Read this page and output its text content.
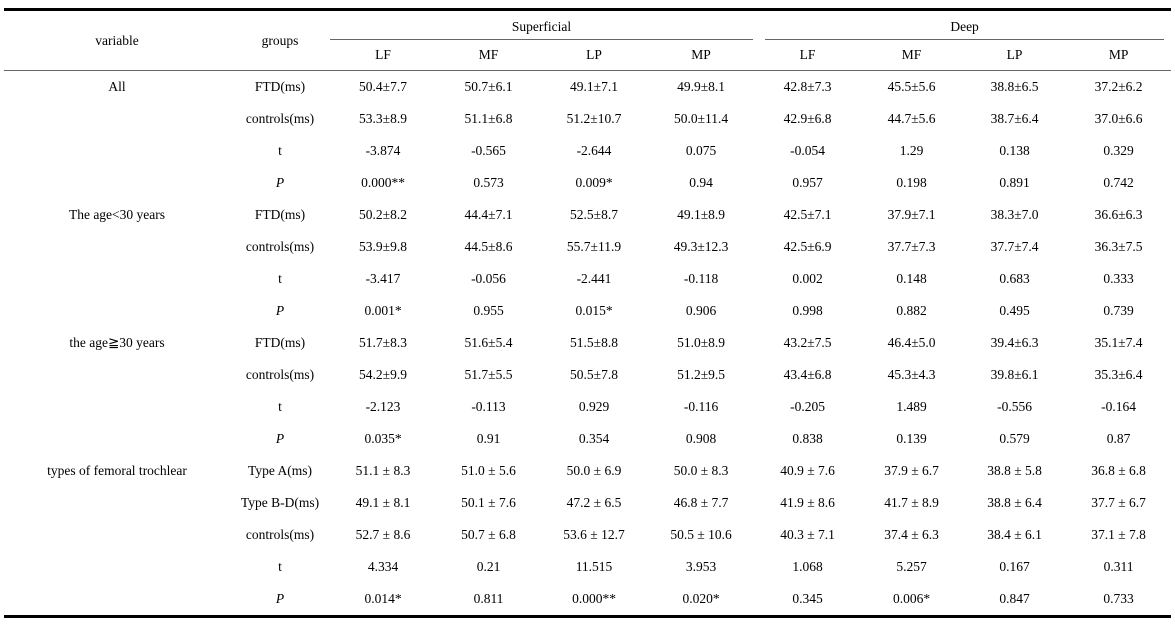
variable	groups	Superficial				Deep			

		LF	MF	LP	MP	LF	MF	LP	MP
All	FTD(ms)	50.4±7.7	50.7±6.1	49.1±7.1	49.9±8.1	42.8±7.3	45.5±5.6	38.8±6.5	37.2±6.2
	controls(ms)	53.3±8.9	51.1±6.8	51.2±10.7	50.0±11.4	42.9±6.8	44.7±5.6	38.7±6.4	37.0±6.6
	t	-3.874	-0.565	-2.644	0.075	-0.054	1.29	0.138	0.329
	P	0.000**	0.573	0.009*	0.94	0.957	0.198	0.891	0.742
The age<30 years	FTD(ms)	50.2±8.2	44.4±7.1	52.5±8.7	49.1±8.9	42.5±7.1	37.9±7.1	38.3±7.0	36.6±6.3
	controls(ms)	53.9±9.8	44.5±8.6	55.7±11.9	49.3±12.3	42.5±6.9	37.7±7.3	37.7±7.4	36.3±7.5
	t	-3.417	-0.056	-2.441	-0.118	0.002	0.148	0.683	0.333
	P	0.001*	0.955	0.015*	0.906	0.998	0.882	0.495	0.739
the age≧30 years	FTD(ms)	51.7±8.3	51.6±5.4	51.5±8.8	51.0±8.9	43.2±7.5	46.4±5.0	39.4±6.3	35.1±7.4
	controls(ms)	54.2±9.9	51.7±5.5	50.5±7.8	51.2±9.5	43.4±6.8	45.3±4.3	39.8±6.1	35.3±6.4
	t	-2.123	-0.113	0.929	-0.116	-0.205	1.489	-0.556	-0.164
	P	0.035*	0.91	0.354	0.908	0.838	0.139	0.579	0.87
types of femoral trochlear	Type A(ms)	51.1 ± 8.3	51.0 ± 5.6	50.0 ± 6.9	50.0 ± 8.3	40.9 ± 7.6	37.9 ± 6.7	38.8 ± 5.8	36.8 ± 6.8
	Type B-D(ms)	49.1 ± 8.1	50.1 ± 7.6	47.2 ± 6.5	46.8 ± 7.7	41.9 ± 8.6	41.7 ± 8.9	38.8 ± 6.4	37.7 ± 6.7
	controls(ms)	52.7 ± 8.6	50.7 ± 6.8	53.6 ± 12.7	50.5 ± 10.6	40.3 ± 7.1	37.4 ± 6.3	38.4 ± 6.1	37.1 ± 7.8
	t	4.334	0.21	11.515	3.953	1.068	5.257	0.167	0.311
	P	0.014*	0.811	0.000**	0.020*	0.345	0.006*	0.847	0.733
